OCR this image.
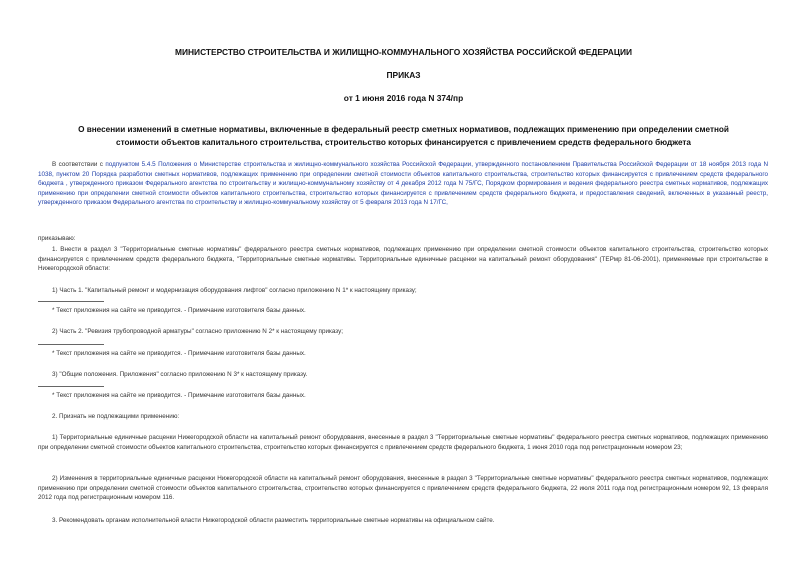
МИНИСТЕРСТВО СТРОИТЕЛЬСТВА И ЖИЛИЩНО-КОММУНАЛЬНОГО ХОЗЯЙСТВА РОССИЙСКОЙ ФЕДЕРАЦИИ
ПРИКАЗ
от 1 июня 2016 года N 374/пр
О внесении изменений в сметные нормативы, включенные в федеральный реестр сметных нормативов, подлежащих применению при определении сметной
стоимости объектов капитального строительства, строительство которых финансируется с привлечением средств федерального бюджета
В соответствии с подпунктом 5.4.5 Положения о Министерстве строительства и жилищно-коммунального хозяйства Российской Федерации, утвержденного постановлением Правительства Российской Федерации от 18 ноября 2013 года N 1038, пунктом 20 Порядка разработки сметных нормативов, подлежащих применению при определении сметной стоимости объектов капитального строительства, строительство которых финансируется с привлечением средств федерального бюджета , утвержденного приказом Федерального агентства по строительству и жилищно-коммунальному хозяйству от 4 декабря 2012 года N 75/ГС, Порядком формирования и ведения федерального реестра сметных нормативов, подлежащих применению при определении сметной стоимости объектов капитального строительства, строительство которых финансируется с привлечением средств федерального бюджета, и предоставления сведений, включенных в указанный реестр, утвержденного приказом Федерального агентства по строительству и жилищно-коммунальному хозяйству от 5 февраля 2013 года N 17/ГС,
приказываю:
1. Внести в раздел 3 "Территориальные сметные нормативы" федерального реестра сметных нормативов, подлежащих применению при определении сметной стоимости объектов капитального строительства, строительство которых финансируется с привлечением средств федерального бюджета, "Территориальные сметные нормативы. Территориальные единичные расценки на капитальный ремонт оборудования" (ТЕРмр 81-06-2001), применяемые при строительстве в Нижегородской области:
1) Часть 1. "Капитальный ремонт и модернизация оборудования лифтов" согласно приложению N 1* к настоящему приказу;
* Текст приложения на сайте не приводится. - Примечание изготовителя базы данных.
2) Часть 2. "Ревизия трубопроводной арматуры" согласно приложению N 2* к настоящему приказу;
* Текст приложения на сайте не приводится. - Примечание изготовителя базы данных.
3) "Общие положения. Приложения" согласно приложению N 3* к настоящему приказу.
* Текст приложения на сайте не приводится. - Примечание изготовителя базы данных.
2. Признать не подлежащими применению:
1) Территориальные единичные расценки Нижегородской области на капитальный ремонт оборудования, внесенные в раздел 3 "Территориальные сметные нормативы" федерального реестра сметных нормативов, подлежащих применению при определении сметной стоимости объектов капитального строительства, строительство которых финансируется с привлечением средств федерального бюджета, 1 июня 2010 года под регистрационным номером 23;
2) Изменения в территориальные единичные расценки Нижегородской области на капитальный ремонт оборудования, внесенные в раздел 3 "Территориальные сметные нормативы" федерального реестра сметных нормативов, подлежащих применению при определении сметной стоимости объектов капитального строительства, строительство которых финансируется с привлечением средств федерального бюджета, 22 июля 2011 года под регистрационным номером 92, 13 февраля 2012 года под регистрационным номером 116.
3. Рекомендовать органам исполнительной власти Нижегородской области разместить территориальные сметные нормативы на официальном сайте.
